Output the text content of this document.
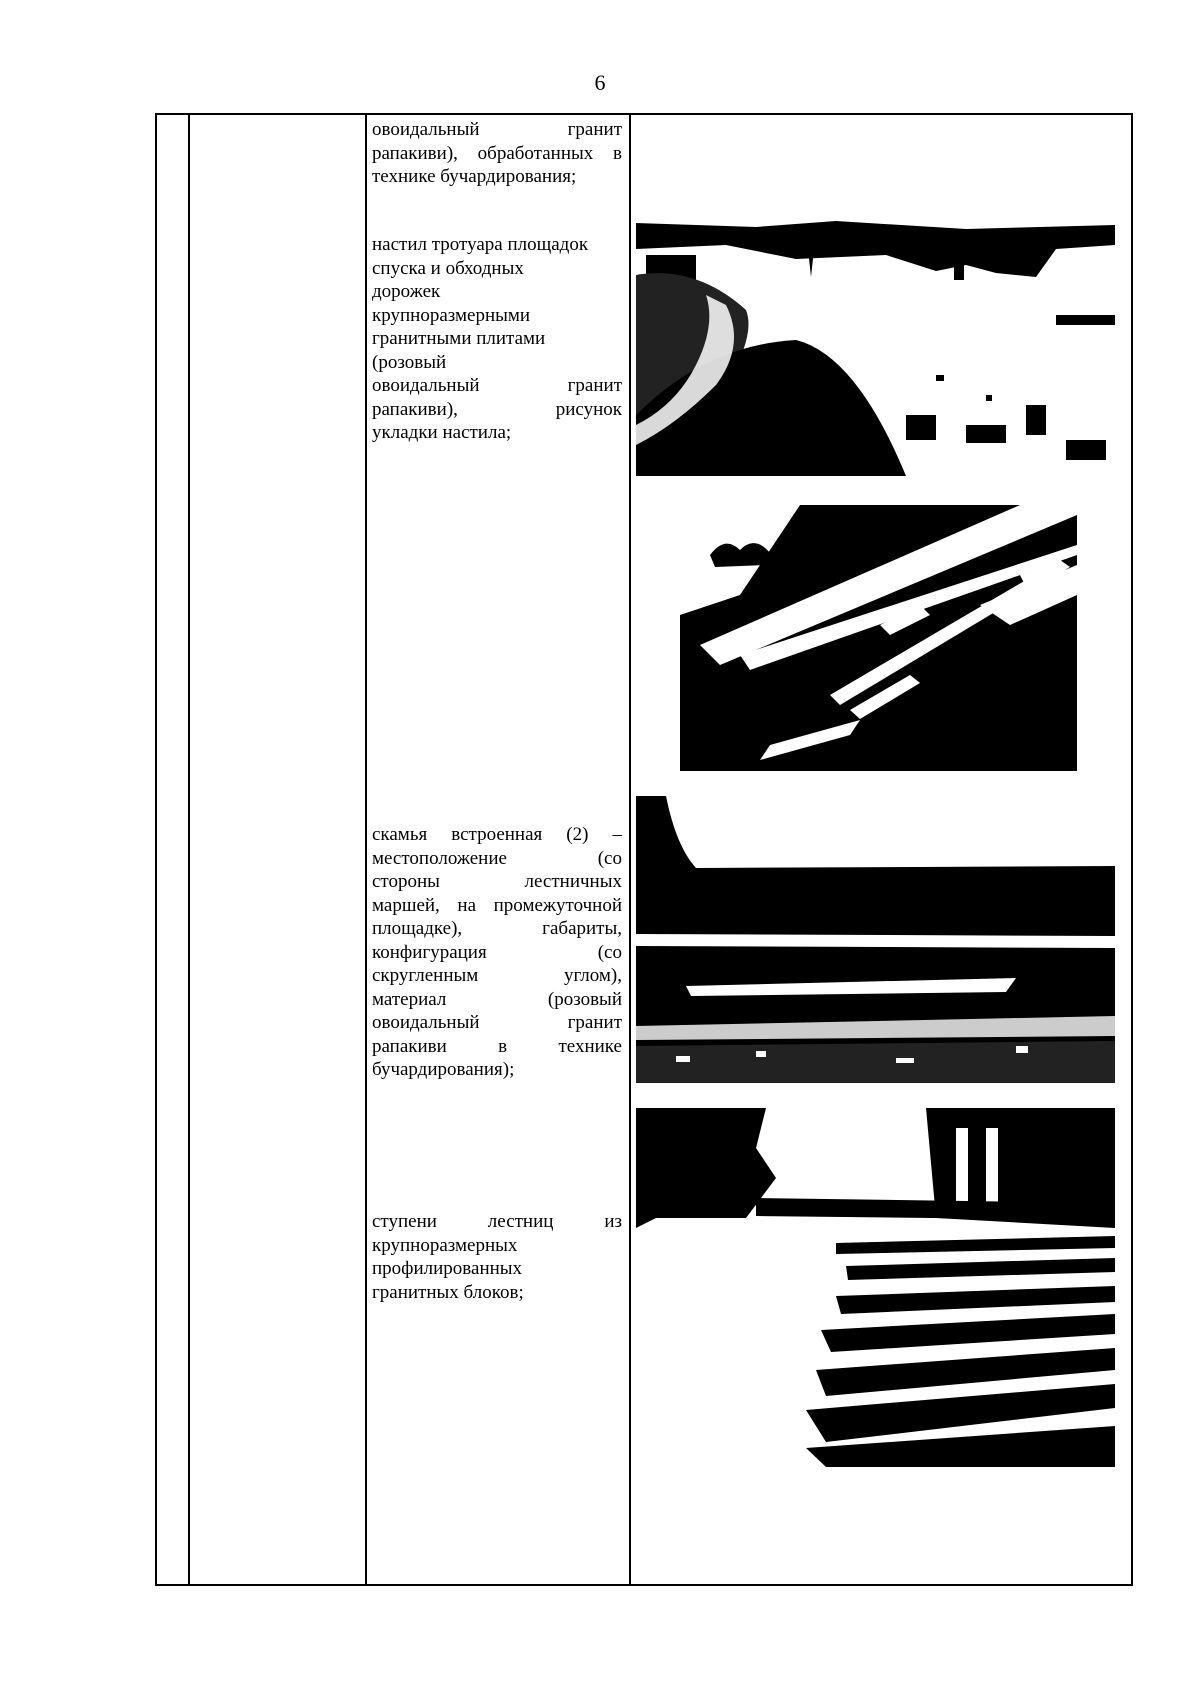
6
овоидальный гранит
рапакиви), обработанных в
технике бучардирования;
настил тротуара площадок
спуска и обходных
дорожек
крупноразмерными
гранитными плитами
(розовый
овоидальный гранит
рапакиви), рисунок
укладки настила;
скамья встроенная (2) –
местоположение (со
стороны лестничных
маршей, на промежуточной
площадке), габариты,
конфигурация (со
скругленным углом),
материал (розовый
овоидальный гранит
рапакиви в технике
бучардирования);
ступени лестниц из
крупноразмерных
профилированных
гранитных блоков;
